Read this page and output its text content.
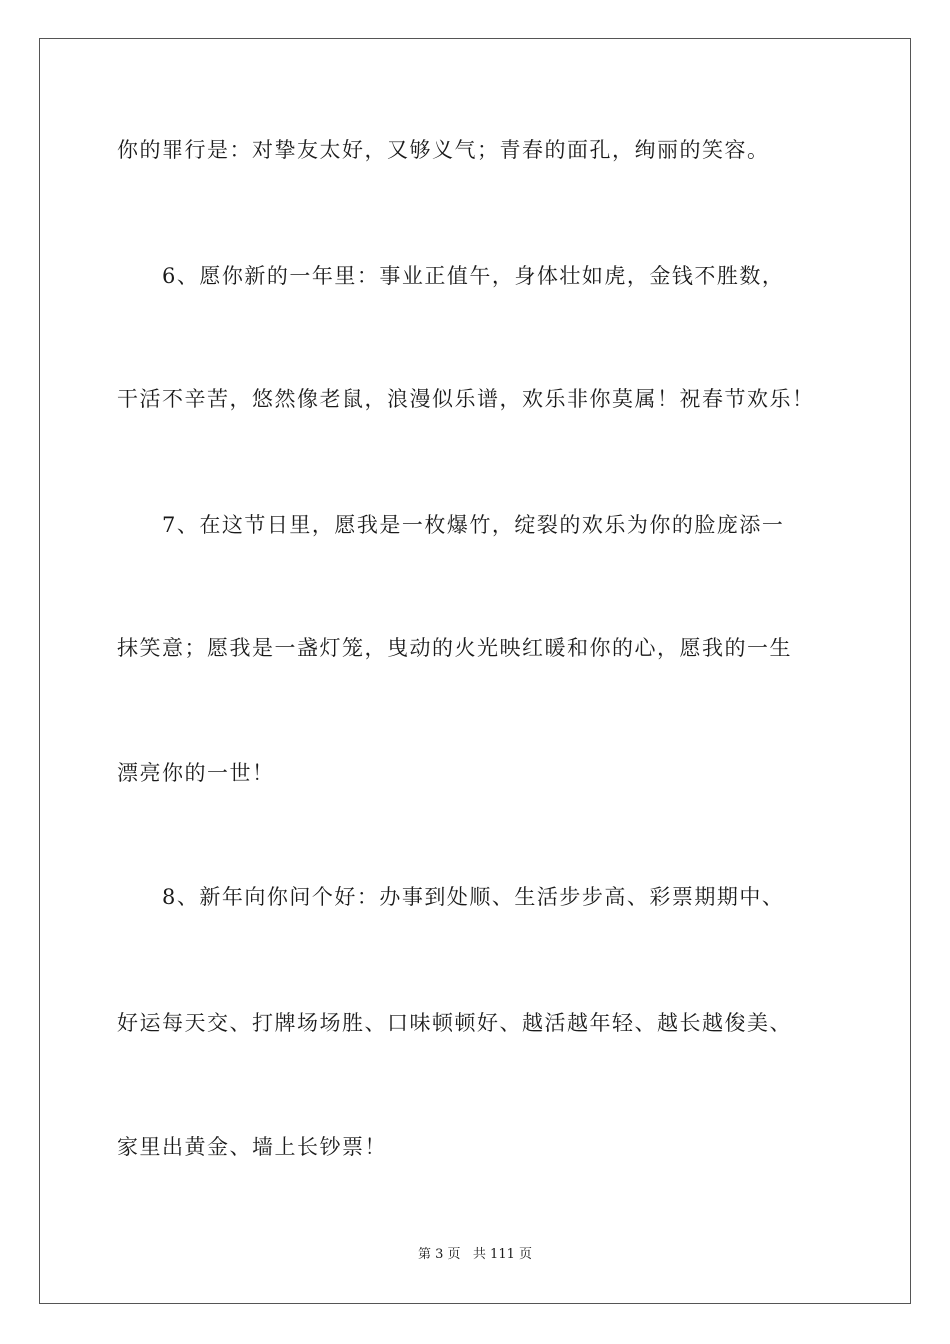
你的罪行是：对挚友太好，又够义气；青春的面孔，绚丽的笑容。
6、愿你新的一年里：事业正值午，身体壮如虎，金钱不胜数，
干活不辛苦，悠然像老鼠，浪漫似乐谱，欢乐非你莫属！祝春节欢乐！
7、在这节日里，愿我是一枚爆竹，绽裂的欢乐为你的脸庞添一
抹笑意；愿我是一盏灯笼，曳动的火光映红暖和你的心，愿我的一生
漂亮你的一世！
8、新年向你问个好：办事到处顺、生活步步高、彩票期期中、
好运每天交、打牌场场胜、口味顿顿好、越活越年轻、越长越俊美、
家里出黄金、墙上长钞票！
第 3 页   共 111 页
